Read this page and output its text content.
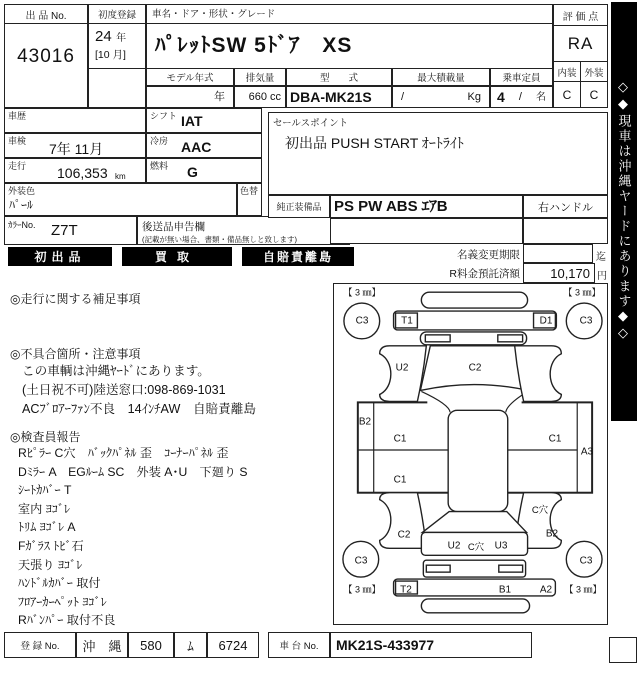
出 品 No.
43016
初度登録
24 年
[10 月]
車名・ドア・形状・グレード
ﾊﾟﾚｯﾄSW 5ﾄﾞｱ　XS
モデル年式	排気量	型　　式	最大積載量	乗車定員
年	660 cc DBA-MK21S	/	Kg 4 / 名
評 価 点
RA
内装 外装
C	C
車歴	シフト IAT
車検 7年 11月	冷房 AAC
走行 106,353 km
燃料 G
外装色
ﾊﾟｰﾙ
色替
ｶﾗｰNo. Z7T	後送品申告欄
(記載が無い場合、書類・備品無しと致します)
セールスポイント
初出品 PUSH START ｵｰﾄﾗｲﾄ
純正装備品 PS PW ABS ｴｱB	右ハンドル
初出品	買取	自賠責離島	名義変更期限	迄
R料金預託済額	10,170 円
◎走行に関する補足事項
◎不具合箇所・注意事項
この車輌は沖縄ﾔｰﾄﾞにあります。
(土日祝不可)陸送窓口:098-869-1031
ACﾌﾞﾛｱｰﾌｧﾝ不良　14ｲﾝﾁAW　自賠責離島
◎検査員報告
Rﾋﾟﾗｰ C穴　ﾊﾞｯｸﾊﾟﾈﾙ 歪　ｺｰﾅｰﾊﾟﾈﾙ 歪
Dﾐﾗｰ A　EGﾙｰﾑ SC　外装 A･U　下廻り S
ｼｰﾄｶﾊﾞｰ T
室内 ﾖｺﾞﾚ
ﾄﾘﾑ ﾖｺﾞﾚ A
Fｶﾞﾗｽ ﾄﾋﾞ石
天張り ﾖｺﾞﾚ
ﾊﾝﾄﾞﾙｶﾊﾞｰ 取付
ﾌﾛｱｰｶｰﾍﾟｯﾄ ﾖｺﾞﾚ
Rﾊﾞﾝﾊﾟｰ 取付不良
【 3 ㎜】	【 3 ㎜】
【 3 ㎜】	【 3 ㎜】
C3	C3
C3	C3
T1	D1
U2	C2
B2
C1
C1
C1
A3
C穴
C2	B2
U2 C穴 U3
T2	B1	A2
登 録 No.	沖　縄	580	ﾑ	6724	車 台 No.	MK21S-433977
◇◆現車は沖縄ヤードにあります◆◇
